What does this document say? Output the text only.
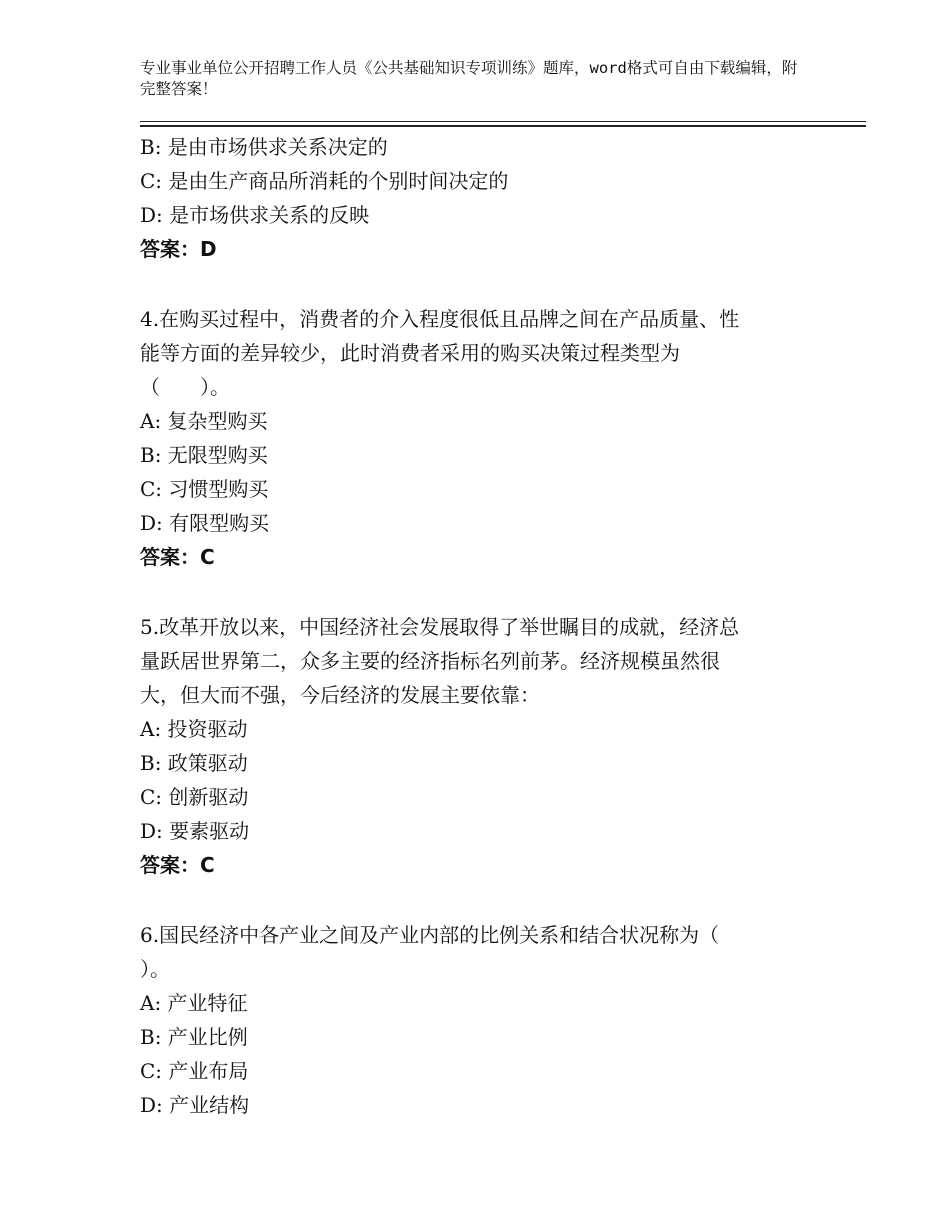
专业事业单位公开招聘工作人员《公共基础知识专项训练》题库，word格式可自由下载编辑，附完整答案！
B: 是由市场供求关系决定的
C: 是由生产商品所消耗的个别时间决定的
D: 是市场供求关系的反映
答案：D
4.在购买过程中，消费者的介入程度很低且品牌之间在产品质量、性
能等方面的差异较少，此时消费者采用的购买决策过程类型为
（　　）。
A: 复杂型购买
B: 无限型购买
C: 习惯型购买
D: 有限型购买
答案：C
5.改革开放以来，中国经济社会发展取得了举世瞩目的成就，经济总
量跃居世界第二，众多主要的经济指标名列前茅。经济规模虽然很
大，但大而不强，今后经济的发展主要依靠：
A: 投资驱动
B: 政策驱动
C: 创新驱动
D: 要素驱动
答案：C
6.国民经济中各产业之间及产业内部的比例关系和结合状况称为（
）。
A: 产业特征
B: 产业比例
C: 产业布局
D: 产业结构
